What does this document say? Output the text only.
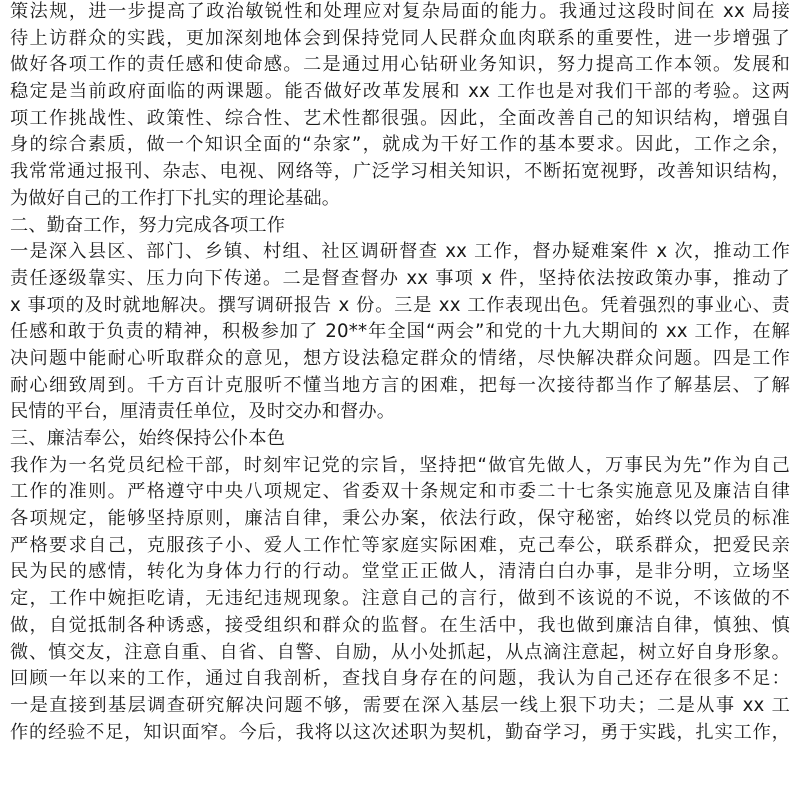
策法规，进一步提高了政治敏锐性和处理应对复杂局面的能力。我通过这段时间在 xx 局接
待上访群众的实践，更加深刻地体会到保持党同人民群众血肉联系的重要性，进一步增强了
做好各项工作的责任感和使命感。二是通过用心钻研业务知识，努力提高工作本领。发展和
稳定是当前政府面临的两课题。能否做好改革发展和 xx 工作也是对我们干部的考验。这两
项工作挑战性、政策性、综合性、艺术性都很强。因此，全面改善自己的知识结构，增强自
身的综合素质，做一个知识全面的“杂家”，就成为干好工作的基本要求。因此，工作之余，
我常常通过报刊、杂志、电视、网络等，广泛学习相关知识，不断拓宽视野，改善知识结构，
为做好自己的工作打下扎实的理论基础。
二、勤奋工作，努力完成各项工作
一是深入县区、部门、乡镇、村组、社区调研督查 xx 工作，督办疑难案件 x 次，推动工作
责任逐级靠实、压力向下传递。二是督查督办 xx 事项 x 件，坚持依法按政策办事，推动了
x 事项的及时就地解决。撰写调研报告 x 份。三是 xx 工作表现出色。凭着强烈的事业心、责
任感和敢于负责的精神，积极参加了 20**年全国“两会”和党的十九大期间的 xx 工作，在解
决问题中能耐心听取群众的意见，想方设法稳定群众的情绪，尽快解决群众问题。四是工作
耐心细致周到。千方百计克服听不懂当地方言的困难，把每一次接待都当作了解基层、了解
民情的平台，厘清责任单位，及时交办和督办。
三、廉洁奉公，始终保持公仆本色
我作为一名党员纪检干部，时刻牢记党的宗旨，坚持把“做官先做人，万事民为先”作为自己
工作的准则。严格遵守中央八项规定、省委双十条规定和市委二十七条实施意见及廉洁自律
各项规定，能够坚持原则，廉洁自律，秉公办案，依法行政，保守秘密，始终以党员的标准
严格要求自己，克服孩子小、爱人工作忙等家庭实际困难，克己奉公，联系群众，把爱民亲
民为民的感情，转化为身体力行的行动。堂堂正正做人，清清白白办事，是非分明，立场坚
定，工作中婉拒吃请，无违纪违规现象。注意自己的言行，做到不该说的不说，不该做的不
做，自觉抵制各种诱惑，接受组织和群众的监督。在生活中，我也做到廉洁自律，慎独、慎
微、慎交友，注意自重、自省、自警、自励，从小处抓起，从点滴注意起，树立好自身形象。
回顾一年以来的工作，通过自我剖析，查找自身存在的问题，我认为自己还存在很多不足：
一是直接到基层调查研究解决问题不够，需要在深入基层一线上狠下功夫；二是从事 xx 工
作的经验不足，知识面窄。今后，我将以这次述职为契机，勤奋学习，勇于实践，扎实工作，
